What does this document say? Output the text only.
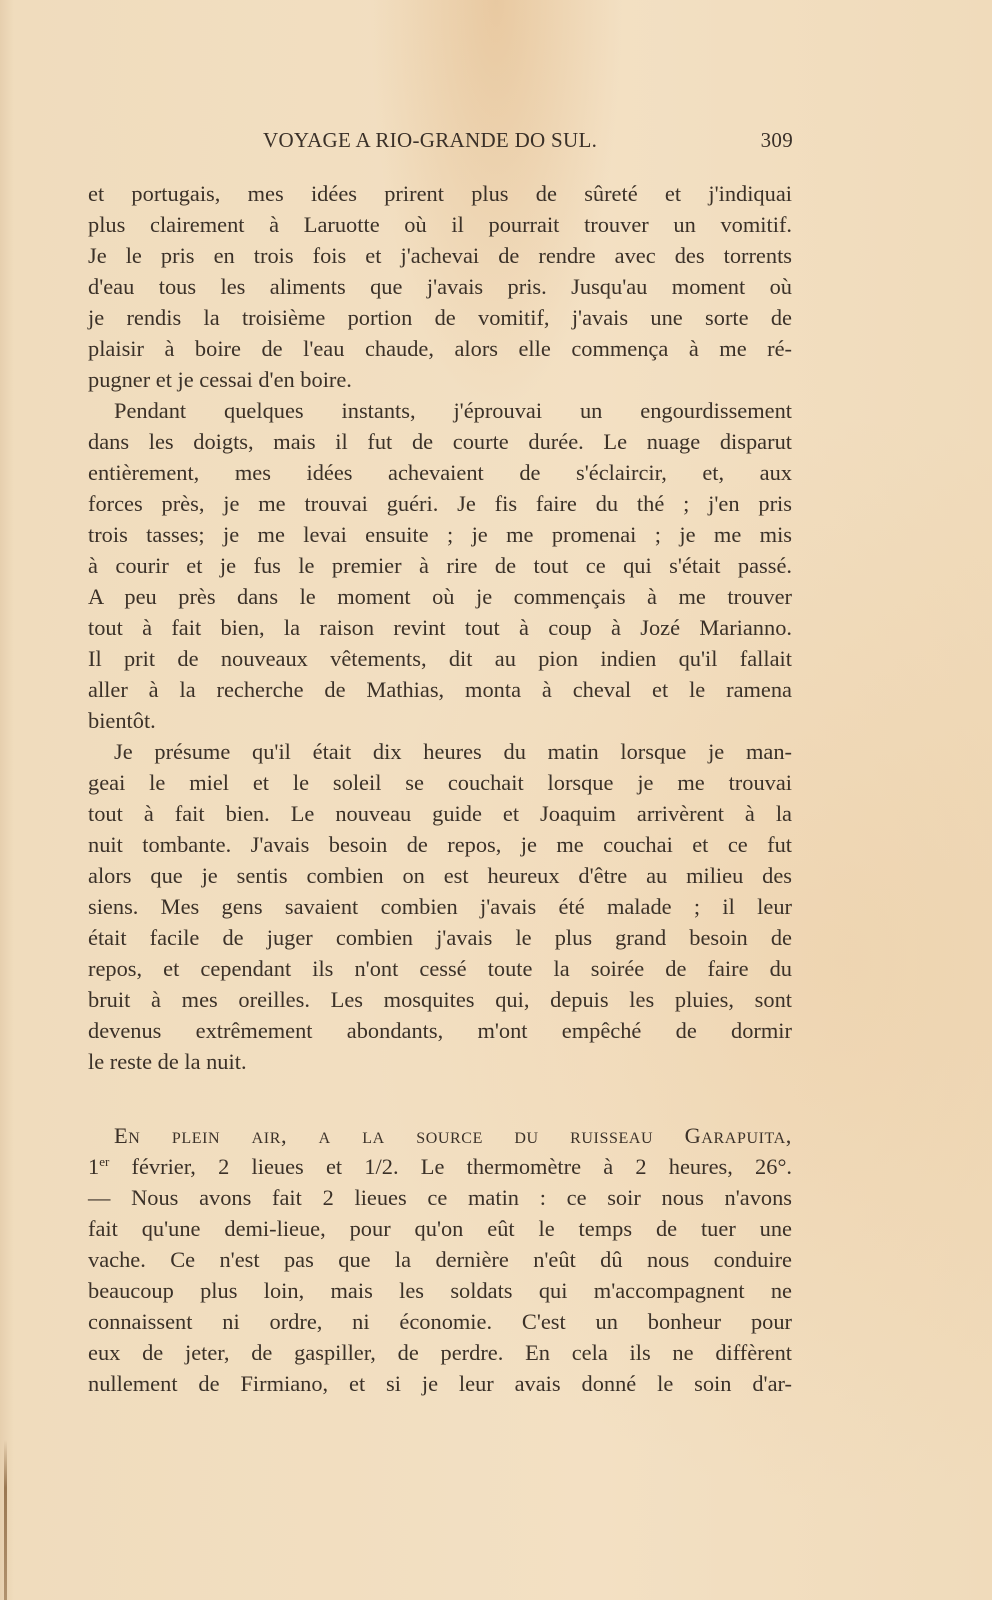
VOYAGE A RIO-GRANDE DO SUL.	309
et portugais, mes idées prirent plus de sûreté et j'indiquai
plus clairement à Laruotte où il pourrait trouver un vomitif.
Je le pris en trois fois et j'achevai de rendre avec des torrents
d'eau tous les aliments que j'avais pris. Jusqu'au moment où
je rendis la troisième portion de vomitif, j'avais une sorte de
plaisir à boire de l'eau chaude, alors elle commença à me ré-
pugner et je cessai d'en boire.
Pendant quelques instants, j'éprouvai un engourdissement
dans les doigts, mais il fut de courte durée. Le nuage disparut
entièrement, mes idées achevaient de s'éclaircir, et, aux
forces près, je me trouvai guéri. Je fis faire du thé ; j'en pris
trois tasses; je me levai ensuite ; je me promenai ; je me mis
à courir et je fus le premier à rire de tout ce qui s'était passé.
A peu près dans le moment où je commençais à me trouver
tout à fait bien, la raison revint tout à coup à Jozé Marianno.
Il prit de nouveaux vêtements, dit au pion indien qu'il fallait
aller à la recherche de Mathias, monta à cheval et le ramena
bientôt.
Je présume qu'il était dix heures du matin lorsque je man-
geai le miel et le soleil se couchait lorsque je me trouvai
tout à fait bien. Le nouveau guide et Joaquim arrivèrent à la
nuit tombante. J'avais besoin de repos, je me couchai et ce fut
alors que je sentis combien on est heureux d'être au milieu des
siens. Mes gens savaient combien j'avais été malade ; il leur
était facile de juger combien j'avais le plus grand besoin de
repos, et cependant ils n'ont cessé toute la soirée de faire du
bruit à mes oreilles. Les mosquites qui, depuis les pluies, sont
devenus extrêmement abondants, m'ont empêché de dormir
le reste de la nuit.
En plein air, a la source du ruisseau Garapuita,
1er février, 2 lieues et 1/2. Le thermomètre à 2 heures, 26°.
— Nous avons fait 2 lieues ce matin : ce soir nous n'avons
fait qu'une demi-lieue, pour qu'on eût le temps de tuer une
vache. Ce n'est pas que la dernière n'eût dû nous conduire
beaucoup plus loin, mais les soldats qui m'accompagnent ne
connaissent ni ordre, ni économie. C'est un bonheur pour
eux de jeter, de gaspiller, de perdre. En cela ils ne diffèrent
nullement de Firmiano, et si je leur avais donné le soin d'ar-
